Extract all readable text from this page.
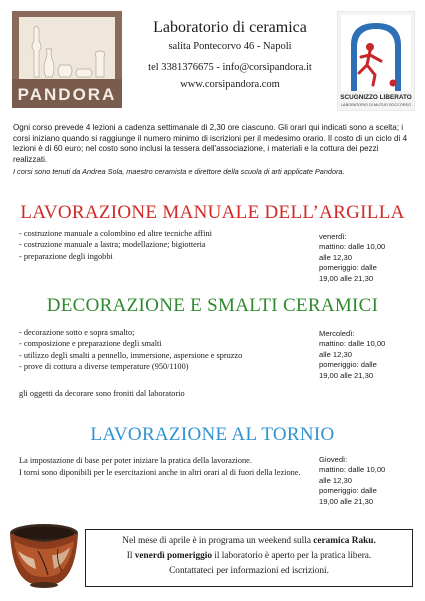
PANDORA
Laboratorio di ceramica
salita Pontecorvo 46 - Napoli
tel 3381376675 - info@corsipandora.it
www.corsipandora.com
SCUGNIZZO LIBERATO
LABORATORIO DI MUTUO SOCCORSO

Ogni corso prevede 4 lezioni a cadenza settimanale di 2,30 ore ciascuno. Gli orari qui indicati sono a scelta; i corsi iniziano quando si raggiunge il numero minimo di iscrizioni per il medesimo orario. Il costo di un ciclo di 4 lezioni è di 60 euro; nel costo sono inclusi la tessera dell'associazione, i materiali e la cottura dei pezzi realizzati.

I corsi sono tenuti da Andrea Sola, maestro ceramista e direttore della scuola di arti applicate Pandora.

LAVORAZIONE MANUALE DELL’ARGILLA
- costruzione manuale a colombino ed altre tecniche affini
- costruzione manuale a lastra; modellazione; bigiotteria
- preparazione degli ingobbi
venerdì:
mattino: dalle 10,00
alle 12,30
pomeriggio: dalle
19,00 alle 21,30
DECORAZIONE E SMALTI CERAMICI
- decorazione sotto e sopra smalto;
- composizione e preparazione degli smalti
- utilizzo degli smalti a pennello, immersione, aspersione e spruzzo
- prove di cottura a diverse temperature (950/1100)
gli oggetti da decorare sono froniti dal laboratorio
Mercoledì:
mattino: dalle 10,00
alle 12,30
pomeriggio: dalle
19,00 alle 21,30
LAVORAZIONE AL TORNIO

La impostazione di base per poter iniziare la pratica della lavorazione.

I torni sono diponibili per le esercitazioni anche in altri orari al di fuori della lezione.

Giovedì:
mattino: dalle 10,00
alle 12,30
pomeriggio: dalle
19,00 alle 21,30
Nel mese di aprile è in programa un weekend sulla ceramica Raku.
Il venerdì pomeriggio il laboratorio è aperto per la pratica libera.
Contattateci per informazioni ed iscrizioni.
